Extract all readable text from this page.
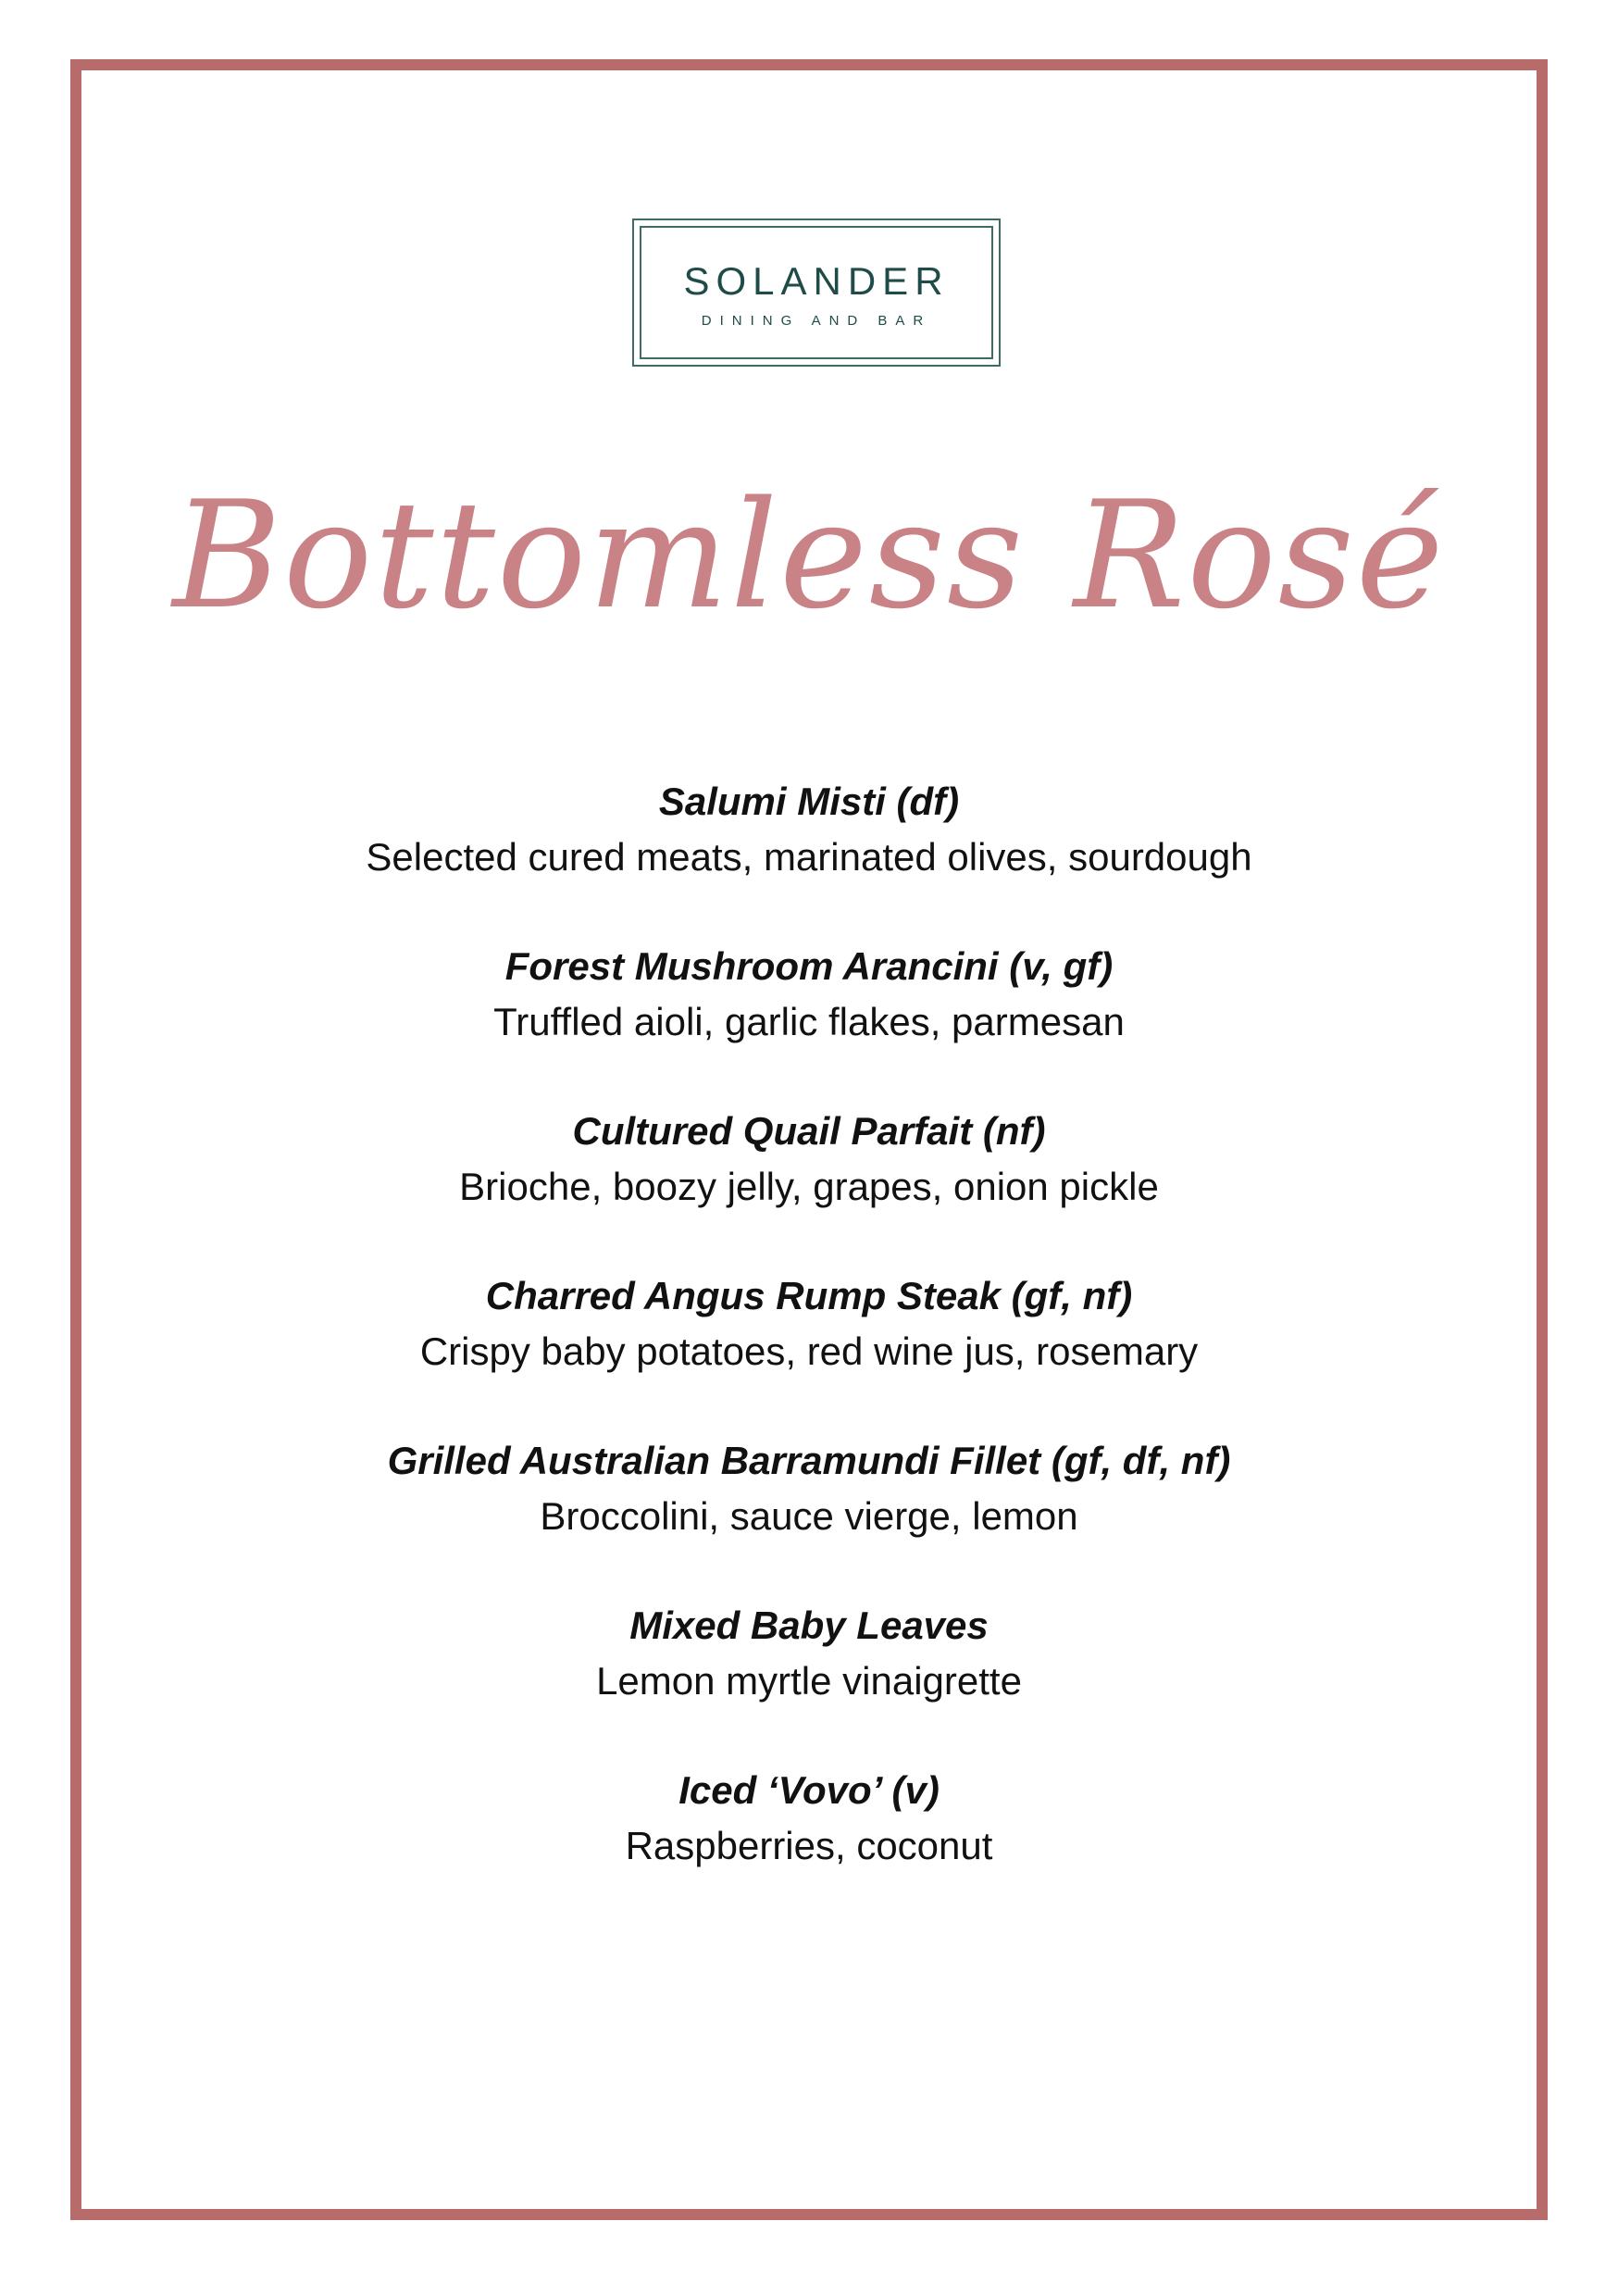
SOLANDER
DINING AND BAR
Bottomless Rosé
Salumi Misti (df)
Selected cured meats, marinated olives, sourdough
Forest Mushroom Arancini (v, gf)
Truffled aioli, garlic flakes, parmesan
Cultured Quail Parfait (nf)
Brioche, boozy jelly, grapes, onion pickle
Charred Angus Rump Steak (gf, nf)
Crispy baby potatoes, red wine jus, rosemary
Grilled Australian Barramundi Fillet (gf, df, nf)
Broccolini, sauce vierge, lemon
Mixed Baby Leaves
Lemon myrtle vinaigrette
Iced ‘Vovo’ (v)
Raspberries, coconut
